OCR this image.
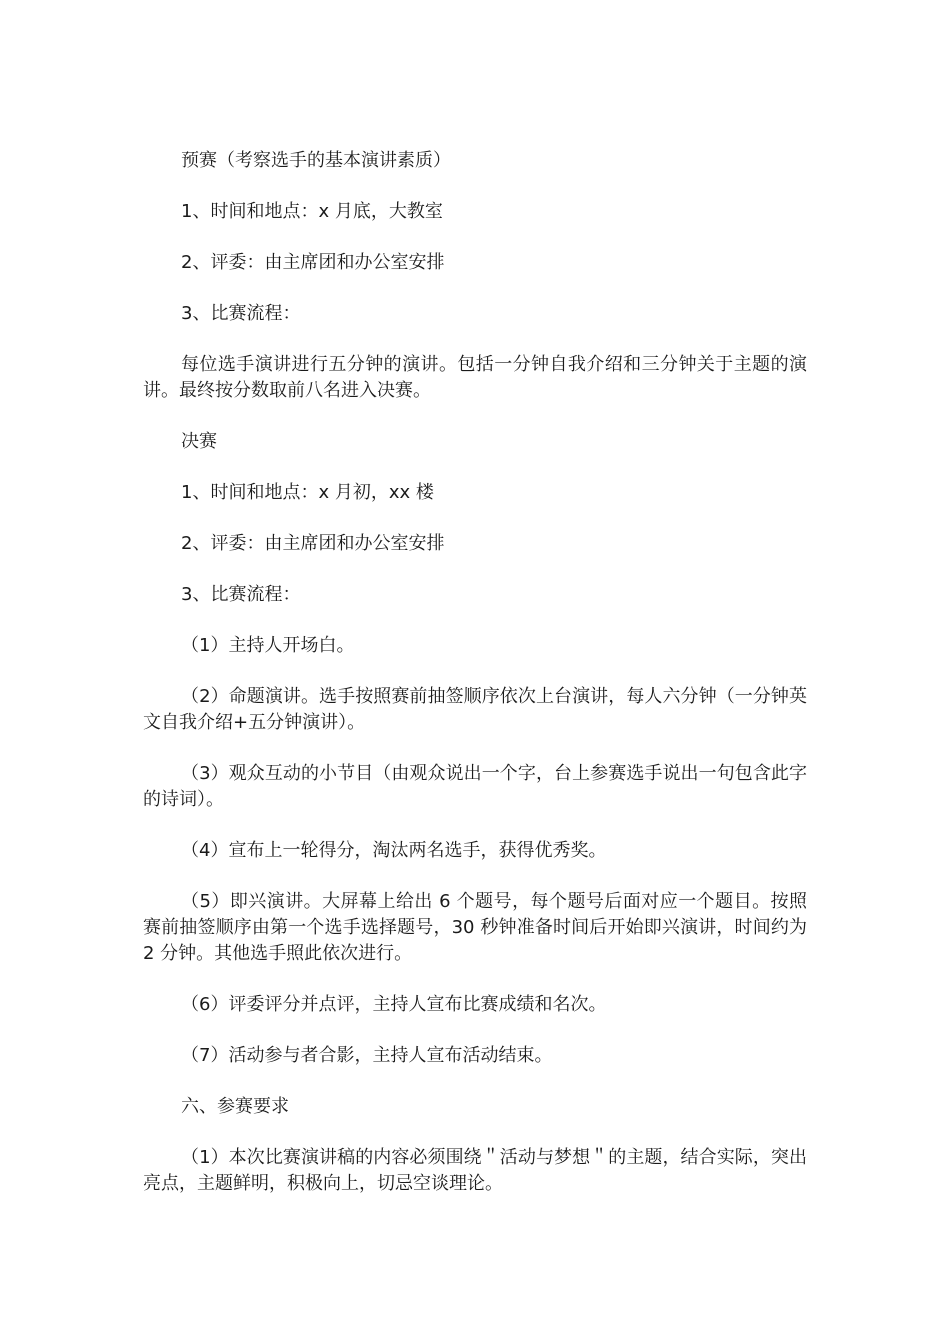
预赛（考察选手的基本演讲素质）

1、时间和地点：x 月底，大教室

2、评委：由主席团和办公室安排

3、比赛流程：

每位选手演讲进行五分钟的演讲。包括一分钟自我介绍和三分钟关于主题的演讲。最终按分数取前八名进入决赛。

决赛

1、时间和地点：x 月初，xx 楼

2、评委：由主席团和办公室安排

3、比赛流程：

（1）主持人开场白。

（2）命题演讲。选手按照赛前抽签顺序依次上台演讲，每人六分钟（一分钟英文自我介绍+五分钟演讲）。

（3）观众互动的小节目（由观众说出一个字，台上参赛选手说出一句包含此字的诗词）。

（4）宣布上一轮得分，淘汰两名选手，获得优秀奖。

（5）即兴演讲。大屏幕上给出 6 个题号，每个题号后面对应一个题目。按照赛前抽签顺序由第一个选手选择题号，30 秒钟准备时间后开始即兴演讲，时间约为 2 分钟。其他选手照此依次进行。

（6）评委评分并点评，主持人宣布比赛成绩和名次。

（7）活动参与者合影，主持人宣布活动结束。

六、参赛要求

（1）本次比赛演讲稿的内容必须围绕＂活动与梦想＂的主题，结合实际，突出亮点，主题鲜明，积极向上，切忌空谈理论。
